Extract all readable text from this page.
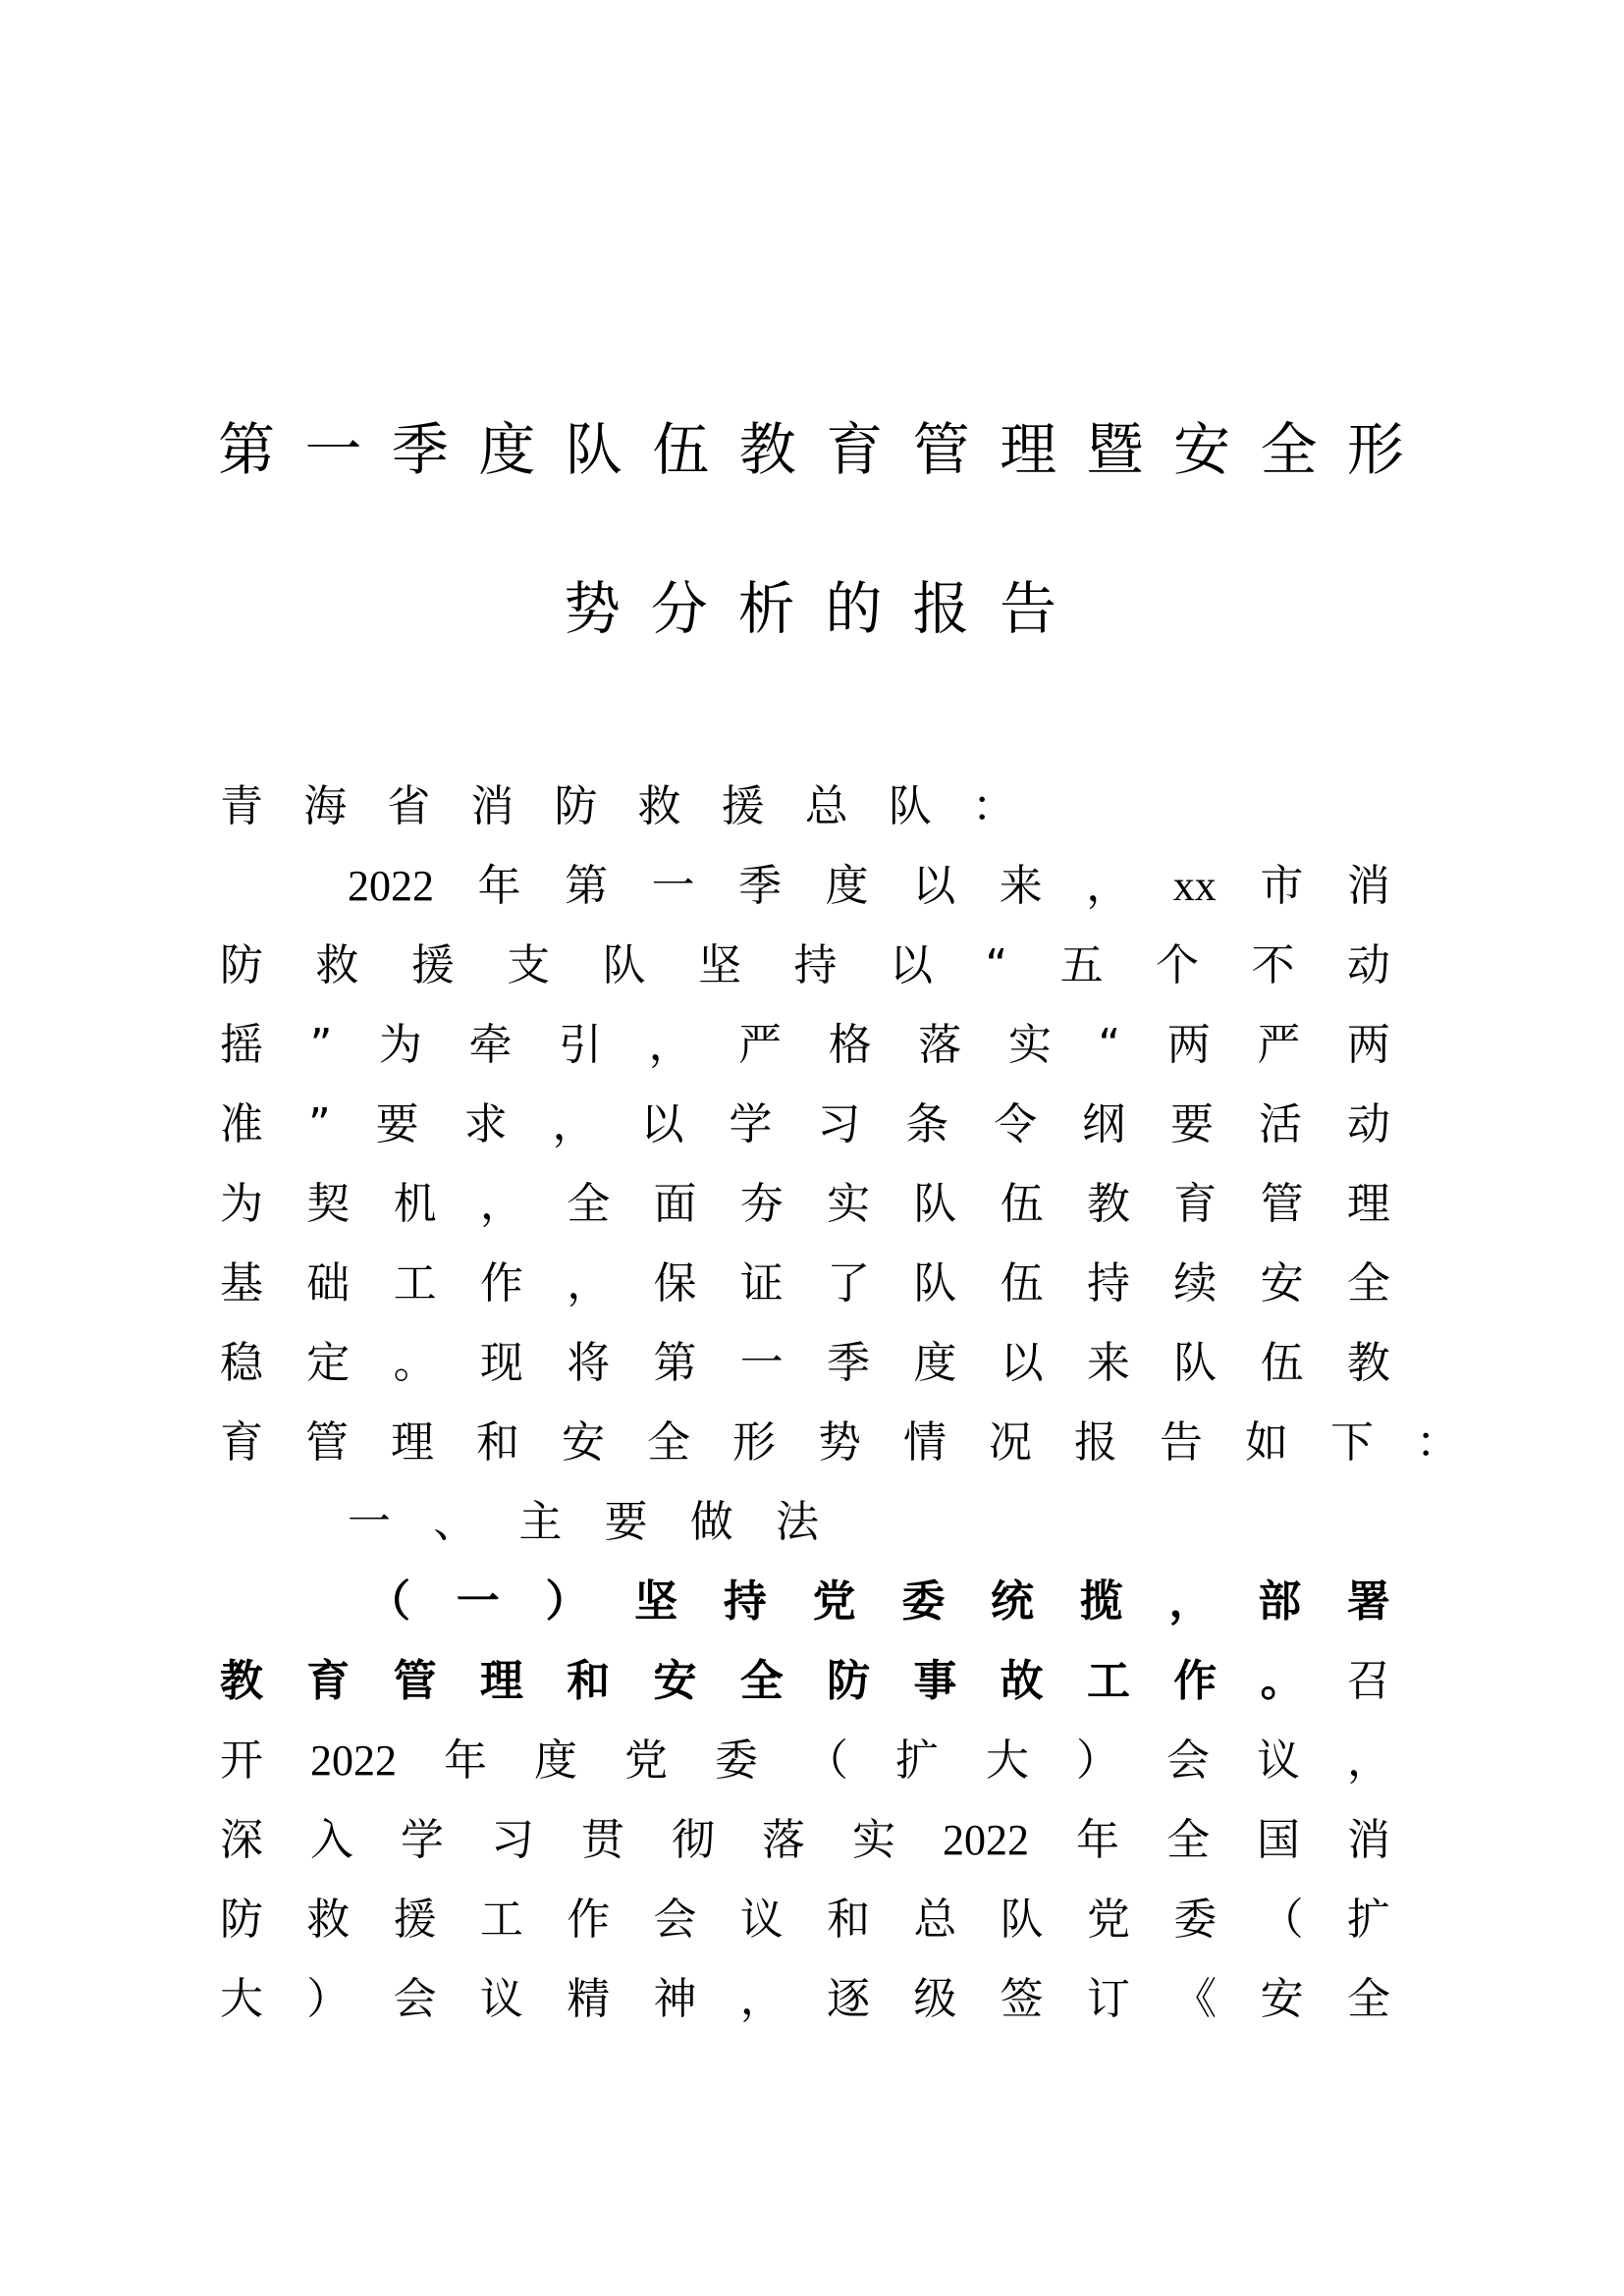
第 一 季 度 队 伍 教 育 管 理 暨 安 全 形
势 分 析 的 报 告
青 海 省 消 防 救 援 总 队 ：
2022 年 第 一 季 度 以 来 ， xx 市 消
防 救 援 支 队 坚 持 以 “ 五 个 不 动
摇 ” 为 牵 引 ， 严 格 落 实 “ 两 严 两
准 ” 要 求 ， 以 学 习 条 令 纲 要 活 动
为 契 机 ， 全 面 夯 实 队 伍 教 育 管 理
基 础 工 作 ， 保 证 了 队 伍 持 续 安 全
稳 定 。 现 将 第 一 季 度 以 来 队 伍 教
育 管 理 和 安 全 形 势 情 况 报 告 如 下 ：
一 、 主 要 做 法
（ 一 ） 坚 持 党 委 统 揽 ， 部 署
教 育 管 理 和 安 全 防 事 故 工 作 。 召
开 2022 年 度 党 委 （ 扩 大 ） 会 议 ，
深 入 学 习 贯 彻 落 实 2022 年 全 国 消
防 救 援 工 作 会 议 和 总 队 党 委 （ 扩
大 ） 会 议 精 神 ， 逐 级 签 订 《 安 全
